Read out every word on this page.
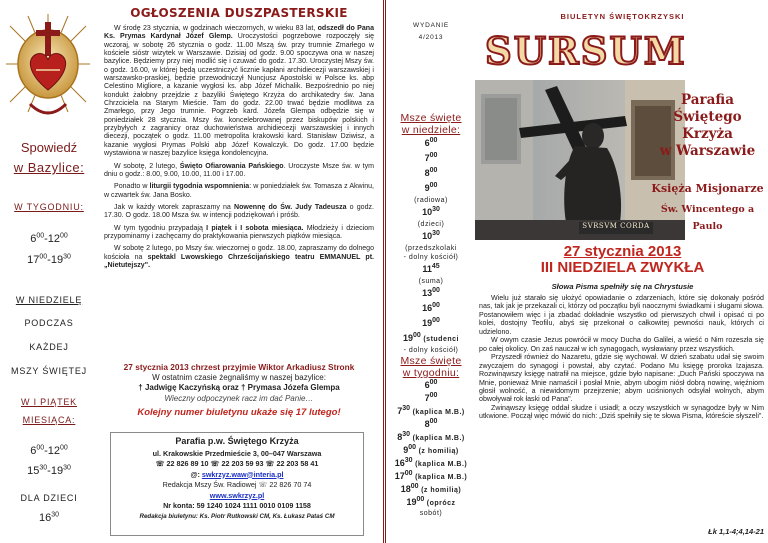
Spowiedź
w Bazylice:
W TYGODNIU:
$6^{00}-12^{00}$
$17^{00}-19^{30}$
W NIEDZIELĘ
PODCZAS
KAŻDEJ
MSZY ŚWIĘTEJ
W I PIĄTEK
MIESIĄCA:
$6^{00}-12^{00}$
$15^{30}-19^{30}$
DLA DZIECI
$16^{30}$
OGŁOSZENIA DUSZPASTERSKIE

W środę 23 stycznia, w godzinach wieczornych, w wieku 83 lat, odszedł do Pana Ks. Prymas Kardynał Józef Glemp. Uroczystości pogrzebowe rozpoczęły się wczoraj, w sobotę 26 stycznia o godz. 11.00 Mszą św. przy trumnie Zmarłego w kościele sióstr wizytek w Warszawie. Dzisiaj od godz. 9.00 spoczywa ona w naszej bazylice. Będziemy przy niej modlić się i czuwać do godz. 17.30. Uroczystej Mszy św. o godz. 16.00, w której będą uczestniczyć licznie kapłani archidiecezji warszawskiej i warszawsko-praskiej, będzie przewodniczył Nuncjusz Apostolski w Polsce ks. abp Celestino Migliore, a kazanie wygłosi ks. abp Józef Michalik. Bezpośrednio po niej kondukt żałobny przejdzie z bazyliki Świętego Krzyża do archikatedry św. Jana Chrzciciela na Starym Mieście. Tam do godz. 22.00 trwać będzie modlitwa za Zmarłego, przy Jego trumnie. Pogrzeb kard. Józefa Glempa odbędzie się w poniedziałek 28 stycznia. Mszy św. koncelebrowanej przez biskupów polskich i przybyłych z zagranicy oraz duchowieństwa archidiecezji warszawskiej i innych diecezji, początek o godz. 11.00 metropolita krakowski kard. Stanisław Dziwisz, a kazanie wygłosi Prymas Polski abp Józef Kowalczyk. Do godz. 17.00 będzie wystawiona w naszej bazylice księga kondolencyjna.

W sobotę, 2 lutego, Święto Ofiarowania Pańskiego. Uroczyste Msze św. w tym dniu o godz.: 8.00, 9.00, 10.00, 11.00 i 17.00.

Ponadto w liturgii tygodnia wspomnienia: w poniedziałek św. Tomasza z Akwinu, w czwartek św. Jana Bosko.

Jak w każdy wtorek zapraszamy na Nowennę do Św. Judy Tadeusza o godz. 17.30. O godz. 18.00 Msza św. w intencji podziękowań i próśb.

W tym tygodniu przypadają I piątek i I sobota miesiąca. Młodzieży i dzieciom przypominamy i zachęcamy do praktykowania pierwszych piątków miesiąca.

W sobotę 2 lutego, po Mszy św. wieczornej o godz. 18.00, zapraszamy do dolnego kościoła na spektakl Lwowskiego Chrześcijańskiego teatru EMMANUEL pt. „Nietutejszy".

27 stycznia 2013 chrzest przyjmie Wiktor Arkadiusz Stronk
W ostatnim czasie żegnaliśmy w naszej bazylice:
† Jadwigę Kaczyńską oraz † Prymasa Józefa Glempa
Wieczny odpoczynek racz im dać Panie…
Kolejny numer biuletynu ukaże się 17 lutego!
Parafia p.w. Świętego Krzyża
ul. Krakowskie Przedmieście 3, 00–047 Warszawa
☏ 22 826 89 10 ☏ 22 203 59 93 ☏ 22 203 58 41
@: swkrzyz.waw@interia.pl
Redakcja Mszy Św. Radiowej ☏ 22 826 70 74
www.swkrzyz.pl
Nr konta: 59 1240 1024 1111 0010 0109 1158
Redakcja biuletynu: Ks. Piotr Rutkowski CM, Ks. Łukasz Pataś CM
WYDANIE
4/2013
Msze święte
w niedziele:
$6^{00}$
$7^{00}$
$8^{00}$
$9^{00}$
(radiowa)
$10^{30}$
(dzieci)
$10^{30}$
(przedszkolaki
- dolny kościół)
$11^{45}$
(suma)
$13^{00}$
$16^{00}$
$19^{00}$
$19^{00}$ (studenci
- dolny kościół)
Msze święte
w tygodniu:
$6^{00}$
$7^{00}$
$7^{30}$ (kaplica M.B.)
$8^{00}$
$8^{30}$ (kaplica M.B.)
$9^{00}$ (z homilią)
$16^{30}$ (kaplica M.B.)
$17^{00}$ (kaplica M.B.)
$18^{00}$ (z homilią)
$19^{00}$ (oprócz
sobót)
BIULETYN ŚWIĘTOKRZYSKI
SURSUM
SVRSVM CORDA
Parafia
Świętego Krzyża
w Warszawie
Księża Misjonarze
Św. Wincentego a Paulo
27 stycznia 2013
III NIEDZIELA ZWYKŁA
Słowa Pisma spełniły się na Chrystusie

Wielu już starało się ułożyć opowiadanie o zdarzeniach, które się dokonały pośród nas, tak jak je przekazali ci, którzy od początku byli naocznymi świadkami i sługami słowa. Postanowiłem więc i ja zbadać dokładnie wszystko od pierwszych chwil i opisać ci po kolei, dostojny Teofilu, abyś się przekonał o całkowitej pewności nauk, których ci udzielono.

W owym czasie Jezus powrócił w mocy Ducha do Galilei, a wieść o Nim rozeszła się po całej okolicy. On zaś nauczał w ich synagogach, wysławiany przez wszystkich.

Przyszedł również do Nazaretu, gdzie się wychował. W dzień szabatu udał się swoim zwyczajem do synagogi i powstał, aby czytać. Podano Mu księgę proroka Izajasza. Rozwinąwszy księgę natrafił na miejsce, gdzie było napisane: „Duch Pański spoczywa na Mnie, ponieważ Mnie namaścił i posłał Mnie, abym ubogim niósł dobrą nowinę, więźniom głosił wolność, a niewidomym przejrzenie; abym uciśnionych odsyłał wolnych, abym obwoływał rok łaski od Pana".

Zwinąwszy księgę oddał słudze i usiadł; a oczy wszystkich w synagodze były w Nim utkwione. Począł więc mówić do nich: „Dziś spełniły się te słowa Pisma, któreście słyszeli".

Łk 1,1-4;4,14-21
